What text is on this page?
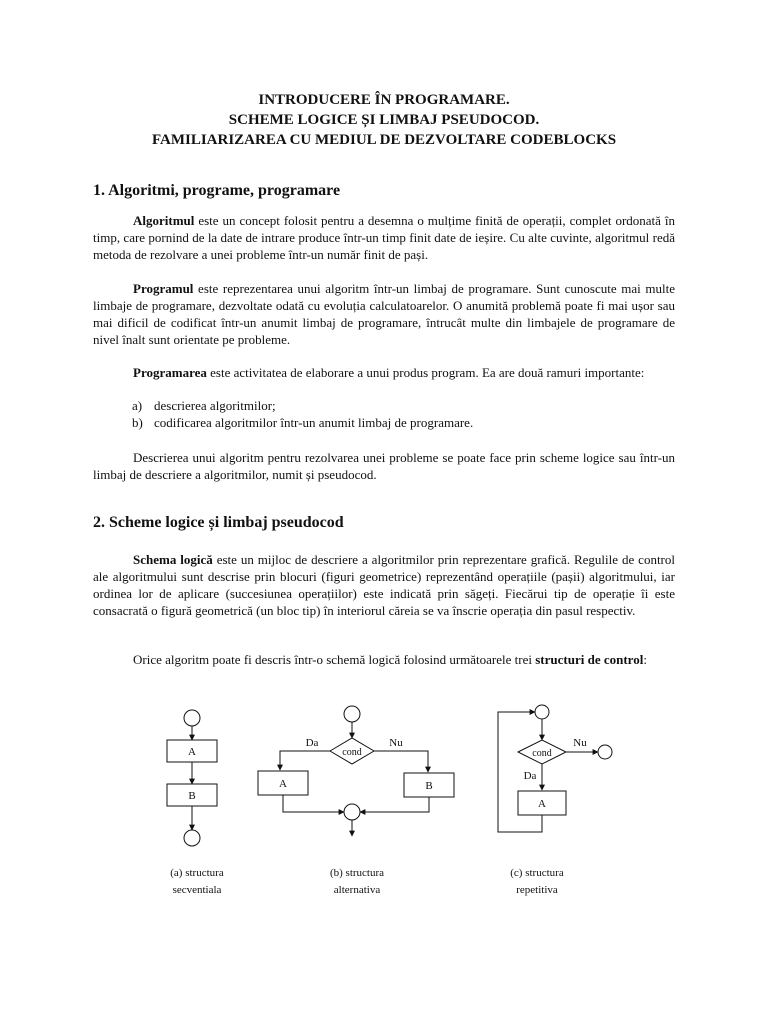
INTRODUCERE ÎN PROGRAMARE.
SCHEME LOGICE ȘI LIMBAJ PSEUDOCOD.
FAMILIARIZAREA CU MEDIUL DE DEZVOLTARE CODEBLOCKS
1. Algoritmi, programe, programare

Algoritmul este un concept folosit pentru a desemna o mulțime finită de operații, complet ordonată în timp, care pornind de la date de intrare produce într-un timp finit date de ieșire. Cu alte cuvinte, algoritmul redă metoda de rezolvare a unei probleme într-un număr finit de pași.

Programul este reprezentarea unui algoritm într-un limbaj de programare. Sunt cunoscute mai multe limbaje de programare, dezvoltate odată cu evoluția calculatoarelor. O anumită problemă poate fi mai ușor sau mai dificil de codificat într-un anumit limbaj de programare, întrucât multe din limbajele de programare de nivel înalt sunt orientate pe probleme.

Programarea este activitatea de elaborare a unui produs program. Ea are două ramuri importante:

a) descrierea algoritmilor;
b) codificarea algoritmilor într-un anumit limbaj de programare.

Descrierea unui algoritm pentru rezolvarea unei probleme se poate face prin scheme logice sau într-un limbaj de descriere a algoritmilor, numit și pseudocod.

2. Scheme logice și limbaj pseudocod

Schema logică este un mijloc de descriere a algoritmilor prin reprezentare grafică. Regulile de control ale algoritmului sunt descrise prin blocuri (figuri geometrice) reprezentând operațiile (pașii) algoritmului, iar ordinea lor de aplicare (succesiunea operațiilor) este indicată prin săgeți. Fiecărui tip de operație îi este consacrată o figură geometrică (un bloc tip) în interiorul căreia se va înscrie operația din pasul respectiv.

Orice algoritm poate fi descris într-o schemă logică folosind următoarele trei structuri de control:

A
B
cond
Da	Nu
A	B
cond
Nu
Da
A
(a) structura
secventiala
(b) structura
alternativa
(c) structura
repetitiva
